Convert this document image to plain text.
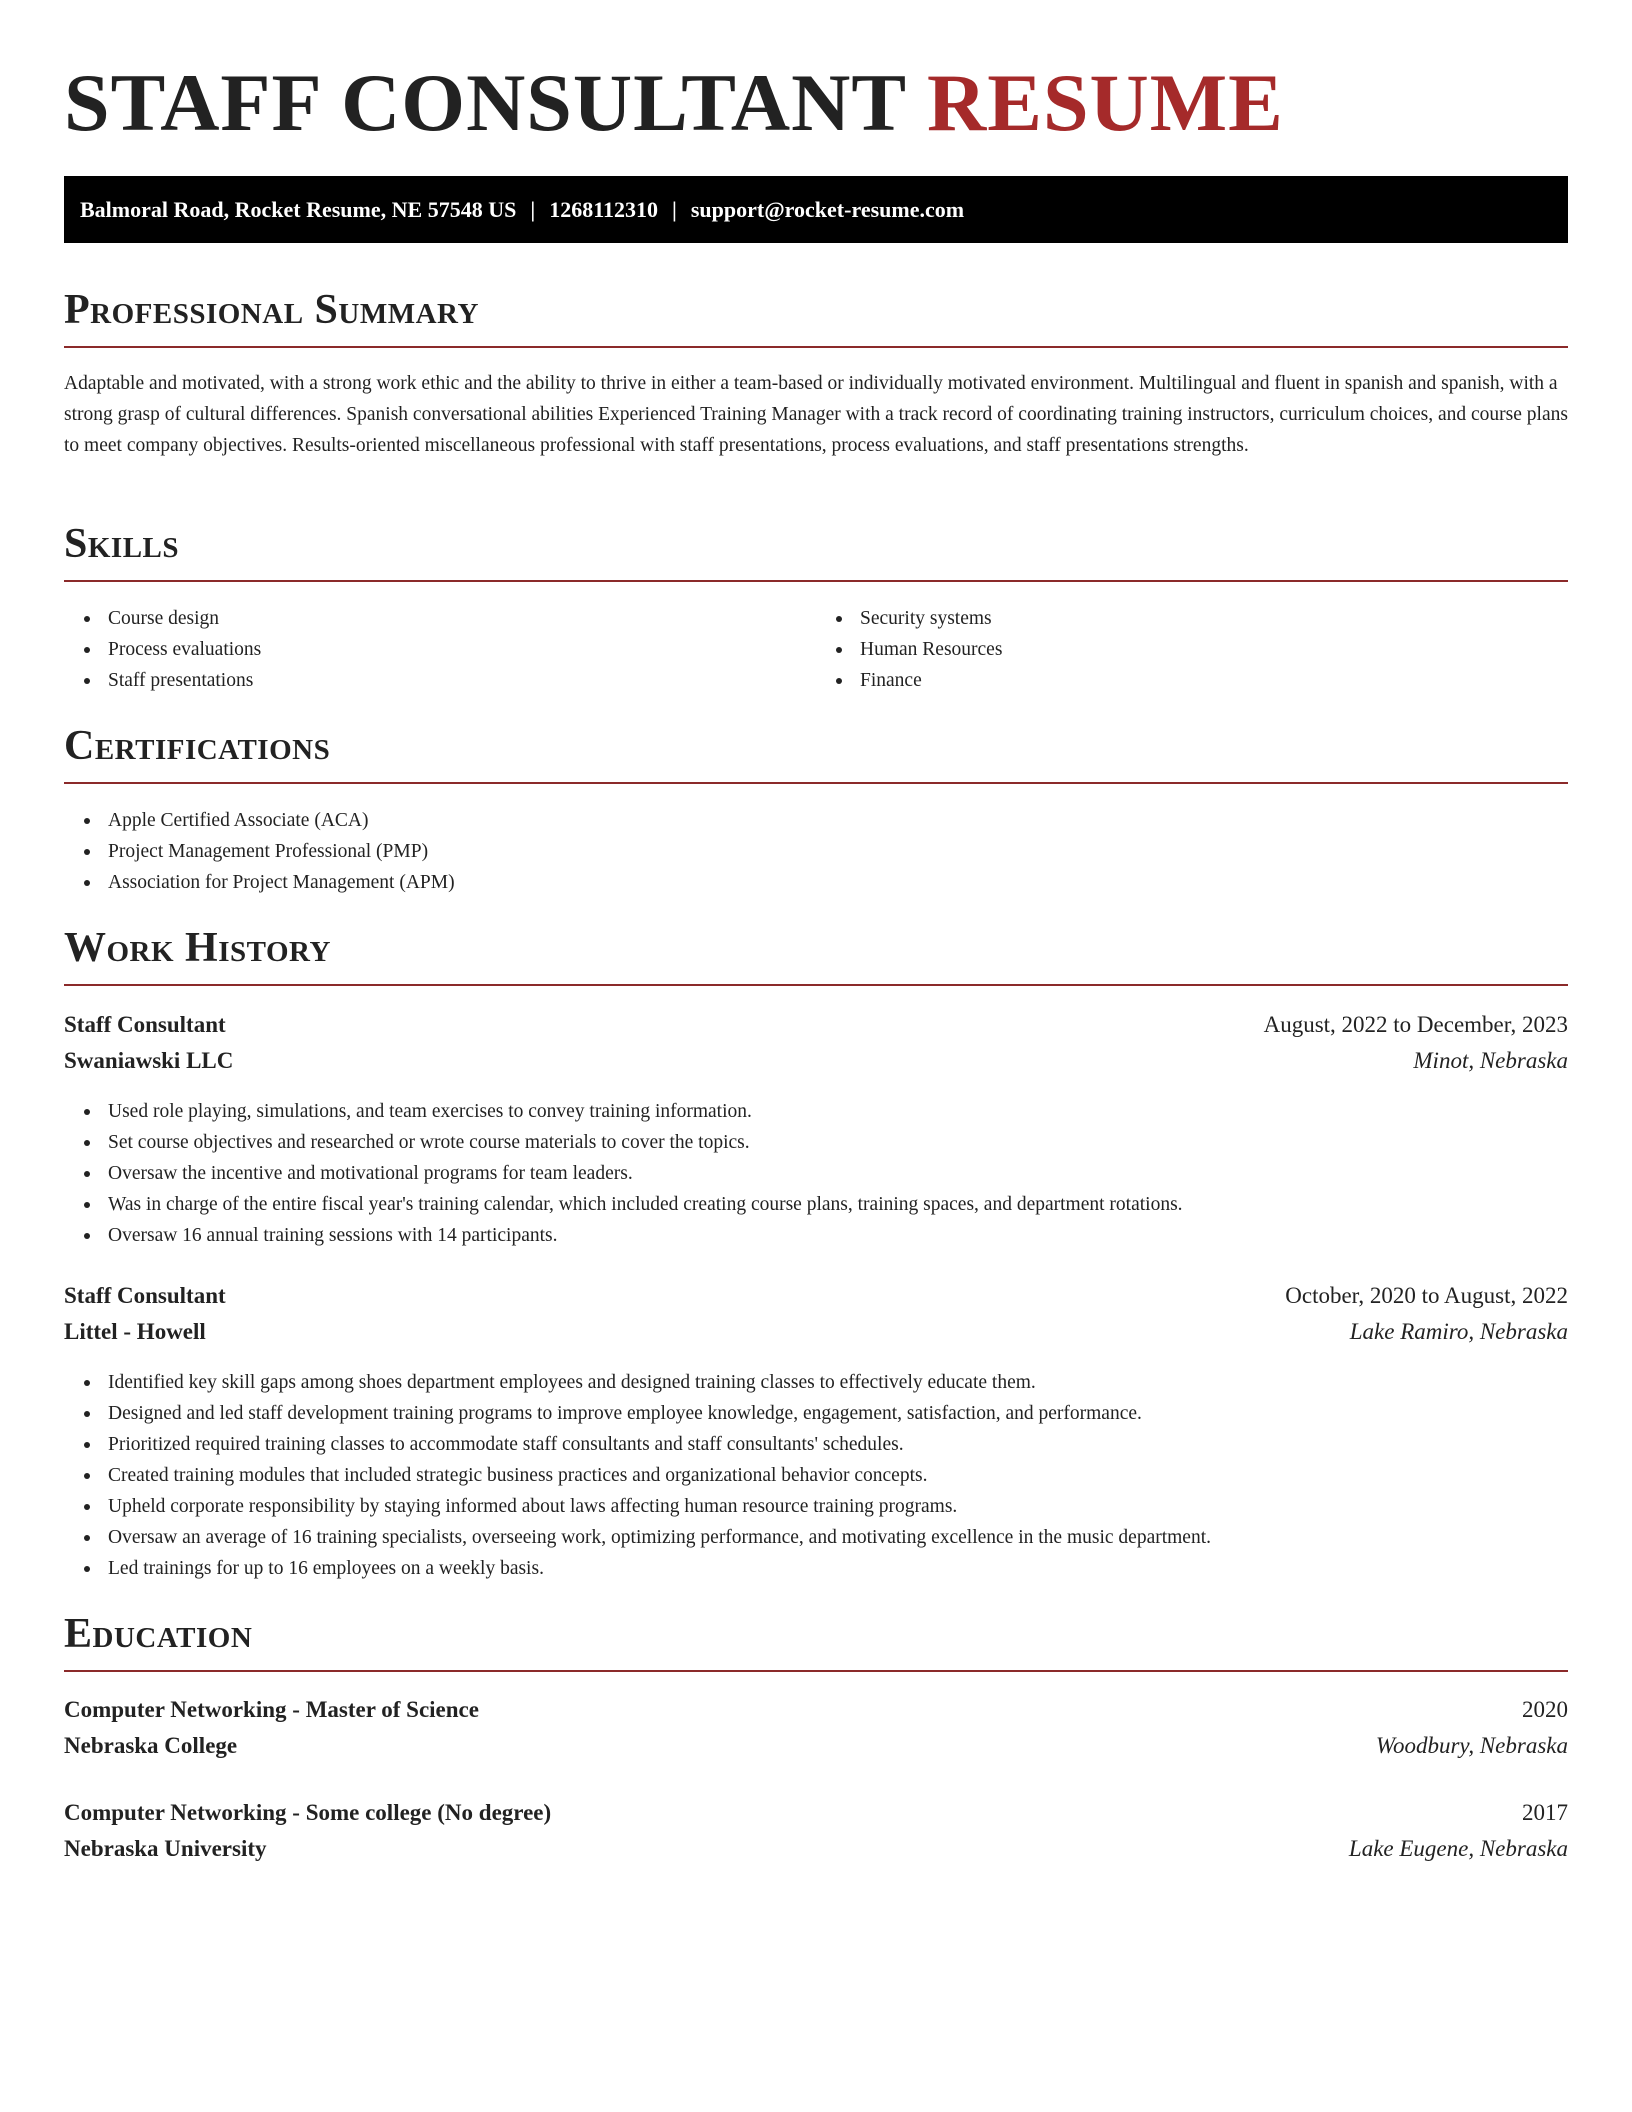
STAFF CONSULTANT RESUME
Balmoral Road, Rocket Resume, NE 57548 US | 1268112310 | support@rocket-resume.com
Professional Summary

Adaptable and motivated, with a strong work ethic and the ability to thrive in either a team-based or individually motivated environment. Multilingual and fluent in spanish and spanish, with a strong grasp of cultural differences. Spanish conversational abilities Experienced Training Manager with a track record of coordinating training instructors, curriculum choices, and course plans to meet company objectives. Results-oriented miscellaneous professional with staff presentations, process evaluations, and staff presentations strengths.

Skills
Course design
Process evaluations
Staff presentations
Security systems
Human Resources
Finance
Certifications
Apple Certified Associate (ACA)
Project Management Professional (PMP)
Association for Project Management (APM)
Work History
Staff Consultant	August, 2022 to December, 2023
Swaniawski LLC	Minot, Nebraska
Used role playing, simulations, and team exercises to convey training information.
Set course objectives and researched or wrote course materials to cover the topics.
Oversaw the incentive and motivational programs for team leaders.
Was in charge of the entire fiscal year's training calendar, which included creating course plans, training spaces, and department rotations.
Oversaw 16 annual training sessions with 14 participants.
Staff Consultant	October, 2020 to August, 2022
Littel - Howell	Lake Ramiro, Nebraska
Identified key skill gaps among shoes department employees and designed training classes to effectively educate them.
Designed and led staff development training programs to improve employee knowledge, engagement, satisfaction, and performance.
Prioritized required training classes to accommodate staff consultants and staff consultants' schedules.
Created training modules that included strategic business practices and organizational behavior concepts.
Upheld corporate responsibility by staying informed about laws affecting human resource training programs.
Oversaw an average of 16 training specialists, overseeing work, optimizing performance, and motivating excellence in the music department.
Led trainings for up to 16 employees on a weekly basis.
Education
Computer Networking - Master of Science	2020
Nebraska College	Woodbury, Nebraska
Computer Networking - Some college (No degree)	2017
Nebraska University	Lake Eugene, Nebraska
